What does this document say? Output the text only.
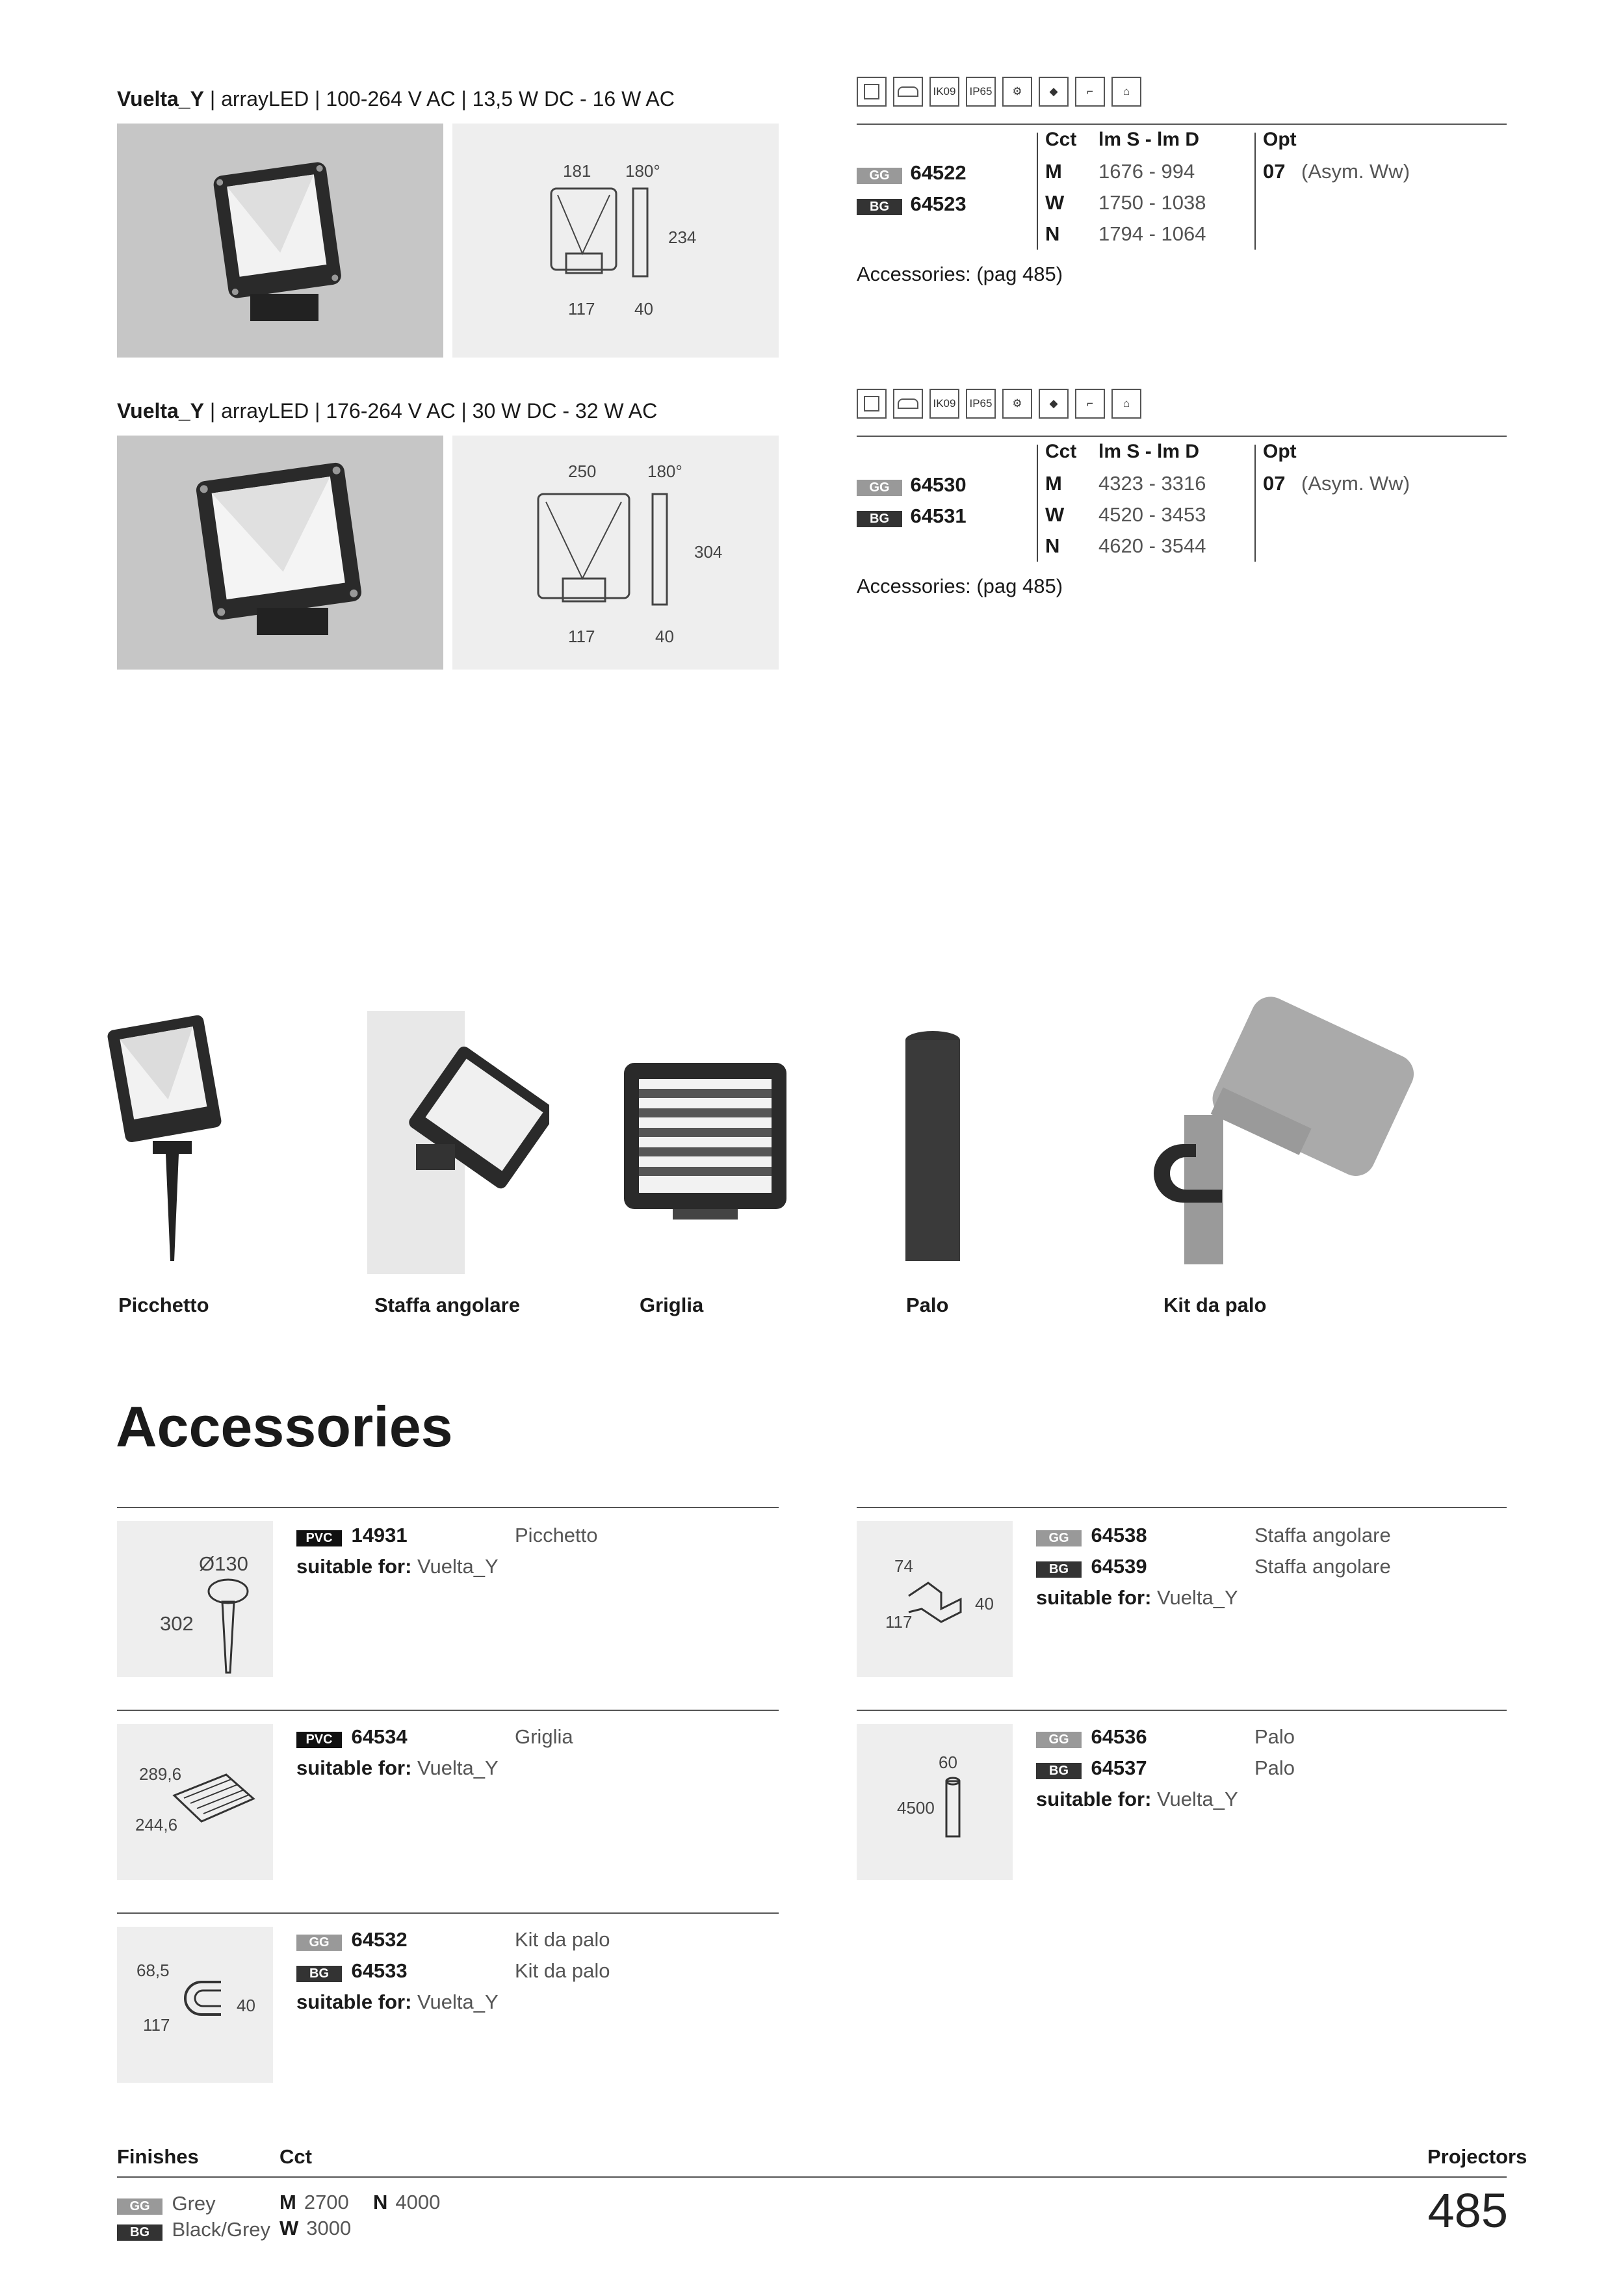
Vuelta_Y | arrayLED | 100-264 V AC | 13,5 W DC - 16 W AC
181 180°
234
117 40
IK09	IP65	⚙	◆	⌐	⌂
Cct lm S - lm D	Opt
GG 64522
BG 64523
M 1676 - 994
W 1750 - 1038
N 1794 - 1064
07 (Asym. Ww)
Accessories: (pag 485)
Vuelta_Y | arrayLED | 176-264 V AC | 30 W DC - 32 W AC
250	180°
304
117	40
IK09	IP65	⚙	◆	⌐	⌂
Cct lm S - lm D	Opt
GG 64530
BG 64531
M 4323 - 3316
W 4520 - 3453
N 4620 - 3544
07 (Asym. Ww)
Accessories: (pag 485)
Picchetto	Staffa angolare	Griglia	Palo	Kit da palo
Accessories
Ø130
302
PVC 14931	Picchetto
suitable for: Vuelta_Y	74
40
117
GG 64538	Staffa angolare
BG 64539	Staffa angolare
suitable for: Vuelta_Y
289,6
244,6
PVC 64534	Griglia
suitable for: Vuelta_Y	60
4500
GG 64536	Palo
BG 64537	Palo
suitable for: Vuelta_Y
68,5
40
117
GG 64532	Kit da palo
BG 64533	Kit da palo
suitable for: Vuelta_Y
Finishes	Cct	Projectors
GG Grey
BG Black/Grey
M 2700 N 4000
W 3000	485
